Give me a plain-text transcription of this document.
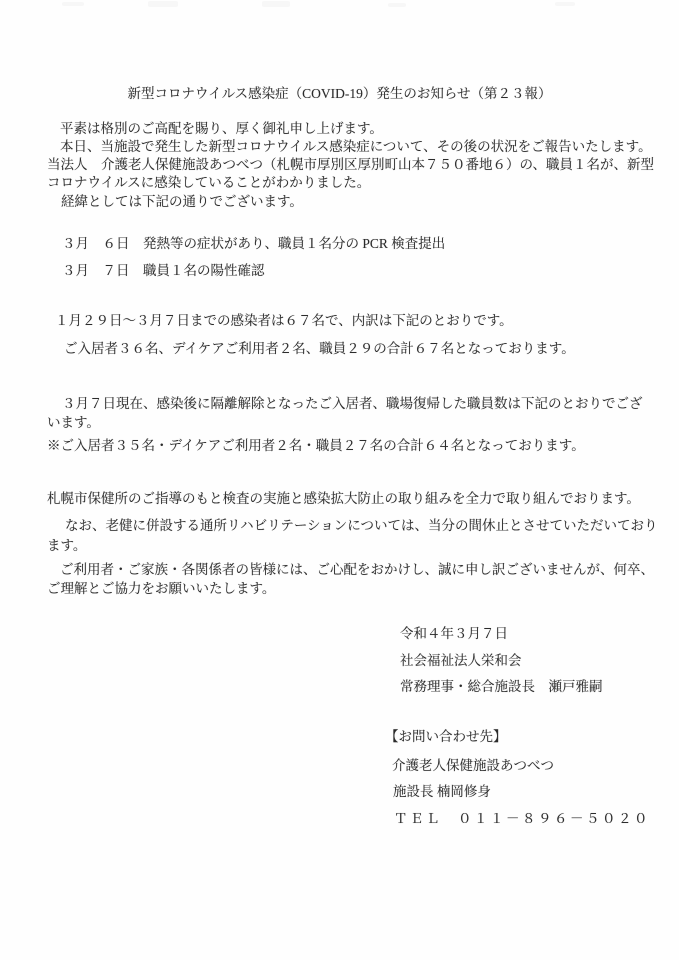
新型コロナウイルス感染症（COVID-19）発生のお知らせ（第２３報）
平素は格別のご高配を賜り、厚く御礼申し上げます。
本日、当施設で発生した新型コロナウイルス感染症について、その後の状況をご報告いたします。
当法人　介護老人保健施設あつべつ（札幌市厚別区厚別町山本７５０番地６）の、職員１名が、新型
コロナウイルスに感染していることがわかりました。
経緯としては下記の通りでございます。
３月　６日　発熱等の症状があり、職員１名分の PCR 検査提出
３月　７日　職員１名の陽性確認
１月２９日～３月７日までの感染者は６７名で、内訳は下記のとおりです。
ご入居者３６名、デイケアご利用者２名、職員２９の合計６７名となっております。
３月７日現在、感染後に隔離解除となったご入居者、職場復帰した職員数は下記のとおりでござ
います。
※ご入居者３５名・デイケアご利用者２名・職員２７名の合計６４名となっております。
札幌市保健所のご指導のもと検査の実施と感染拡大防止の取り組みを全力で取り組んでおります。
なお、老健に併設する通所リハビリテーションについては、当分の間休止とさせていただいており
ます。
ご利用者・ご家族・各関係者の皆様には、ご心配をおかけし、誠に申し訳ございませんが、何卒、
ご理解とご協力をお願いいたします。
令和４年３月７日
社会福祉法人栄和会
常務理事・総合施設長　瀬戸雅嗣
【お問い合わせ先】
介護老人保健施設あつべつ
施設長 楠岡修身
ＴＥＬ　０１１－８９６－５０２０
